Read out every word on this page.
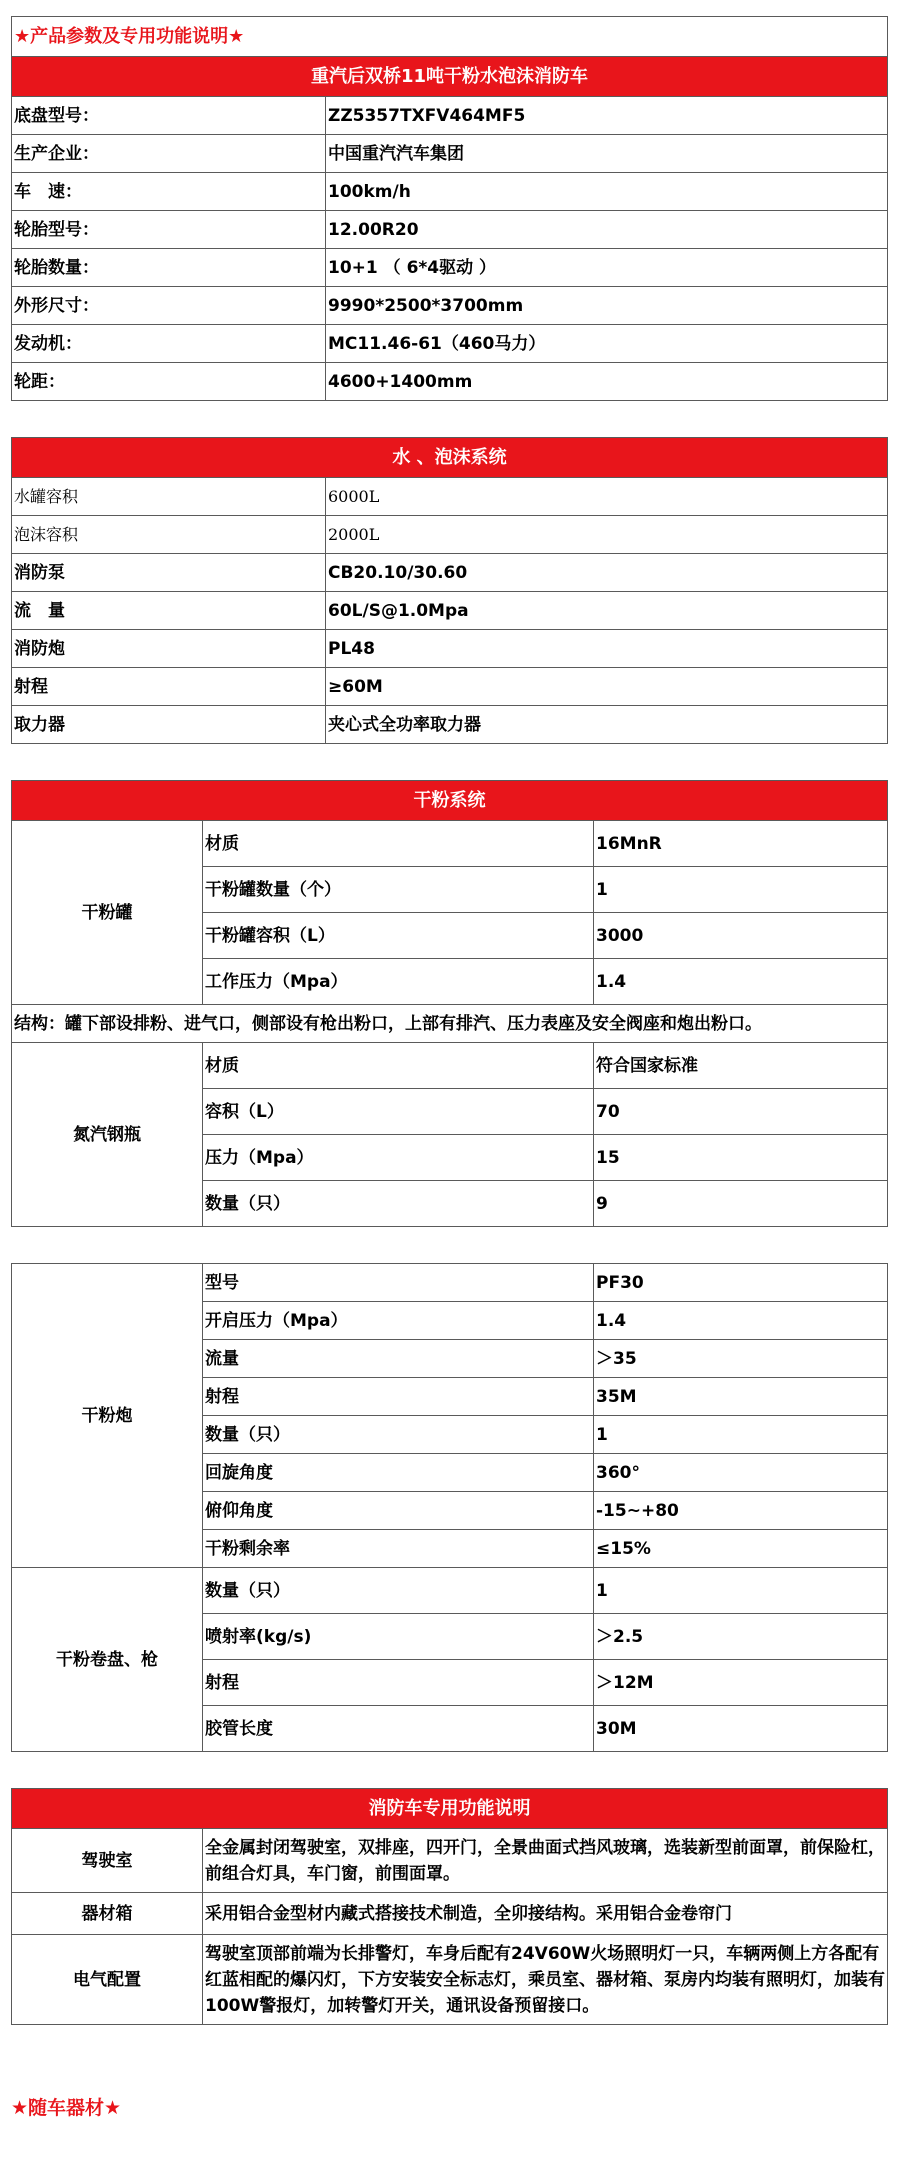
★产品参数及专用功能说明★	
重汽后双桥11吨干粉水泡沫消防车	
底盘型号：	ZZ5357TXFV464MF5
生产企业：	中国重汽汽车集团
车　速：	100km/h
轮胎型号：	12.00R20
轮胎数量：	10+1 （ 6*4驱动 ）
外形尺寸：	9990*2500*3700mm
发动机：	MC11.46-61（460马力）
轮距：	4600+1400mm
水 、泡沫系统	
水罐容积	6000L
泡沫容积	2000L
消防泵	CB20.10/30.60
流　量	60L/S@1.0Mpa
消防炮	PL48
射程	≥60M
取力器	夹心式全功率取力器
干粉系统		
干粉罐	材质	16MnR
	干粉罐数量（个）	1
	干粉罐容积（L）	3000
	工作压力（Mpa）	1.4
结构：罐下部设排粉、进气口，侧部设有枪出粉口，上部有排汽、压力表座及安全阀座和炮出粉口。		
氮汽钢瓶	材质	符合国家标准
	容积（L）	70
	压力（Mpa）	15
	数量（只）	9
干粉炮	型号	PF30
	开启压力（Mpa）	1.4
	流量	＞35
	射程	35M
	数量（只）	1
	回旋角度	360°
	俯仰角度	-15~+80
	干粉剩余率	≤15%
干粉卷盘、枪	数量（只）	1
	喷射率(kg/s)	＞2.5
	射程	＞12M
	胶管长度	30M
消防车专用功能说明	
驾驶室	全金属封闭驾驶室，双排座，四开门，全景曲面式挡风玻璃，选装新型前面罩，前保险杠，前组合灯具，车门窗，前围面罩。
器材箱	采用铝合金型材内藏式搭接技术制造，全卯接结构。采用铝合金卷帘门
电气配置	驾驶室顶部前端为长排警灯，车身后配有24V60W火场照明灯一只，车辆两侧上方各配有红蓝相配的爆闪灯，下方安装安全标志灯，乘员室、器材箱、泵房内均装有照明灯，加装有100W警报灯，加转警灯开关，通讯设备预留接口。
★随车器材★
